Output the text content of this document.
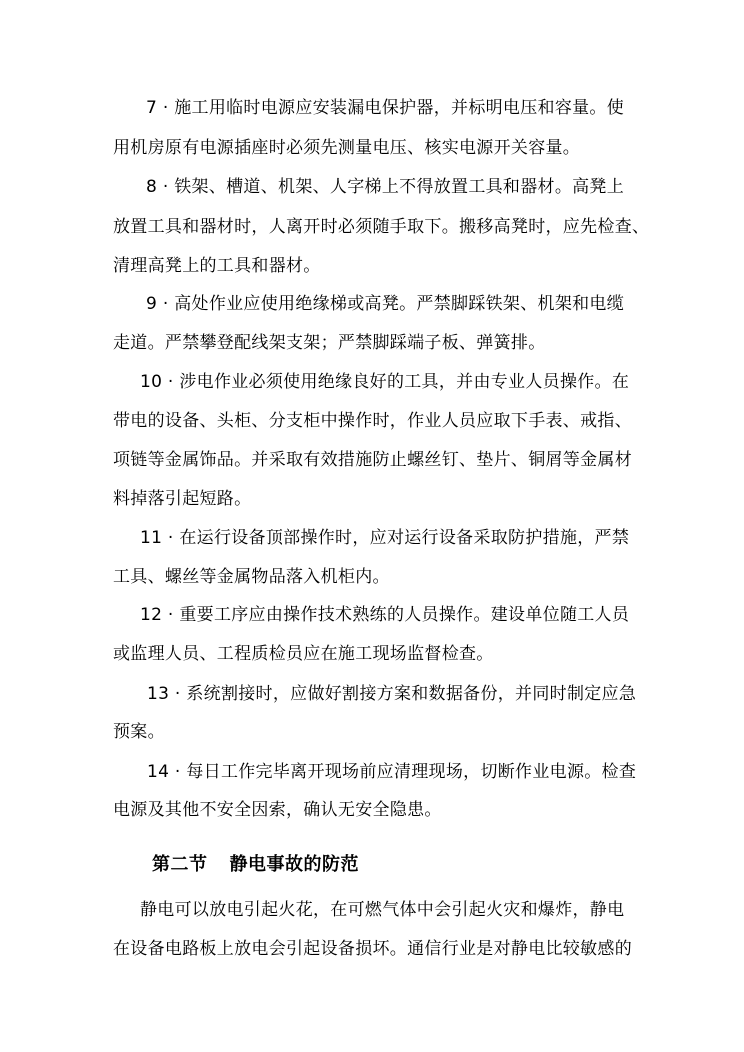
7 · 施工用临时电源应安装漏电保护器，并标明电压和容量。使
用机房原有电源插座时必须先测量电压、核实电源开关容量。
8 · 铁架、槽道、机架、人字梯上不得放置工具和器材。高凳上
放置工具和器材时，人离开时必须随手取下。搬移高凳时，应先检查、
清理高凳上的工具和器材。
9 · 高处作业应使用绝缘梯或高凳。严禁脚踩铁架、机架和电缆
走道。严禁攀登配线架支架；严禁脚踩端子板、弹簧排。
10 · 涉电作业必须使用绝缘良好的工具，并由专业人员操作。在
带电的设备、头柜、分支柜中操作时，作业人员应取下手表、戒指、
项链等金属饰品。并采取有效措施防止螺丝钉、垫片、铜屑等金属材
料掉落引起短路。
11 · 在运行设备顶部操作时，应对运行设备采取防护措施，严禁
工具、螺丝等金属物品落入机柜内。
12 · 重要工序应由操作技术熟练的人员操作。建设单位随工人员
或监理人员、工程质检员应在施工现场监督检查。
13 · 系统割接时，应做好割接方案和数据备份，并同时制定应急
预案。
14 · 每日工作完毕离开现场前应清理现场，切断作业电源。检查
电源及其他不安全因索，确认无安全隐患。
第二节 静电事故的防范
静电可以放电引起火花，在可燃气体中会引起火灾和爆炸，静电
在设备电路板上放电会引起设备损坏。通信行业是对静电比较敏感的
